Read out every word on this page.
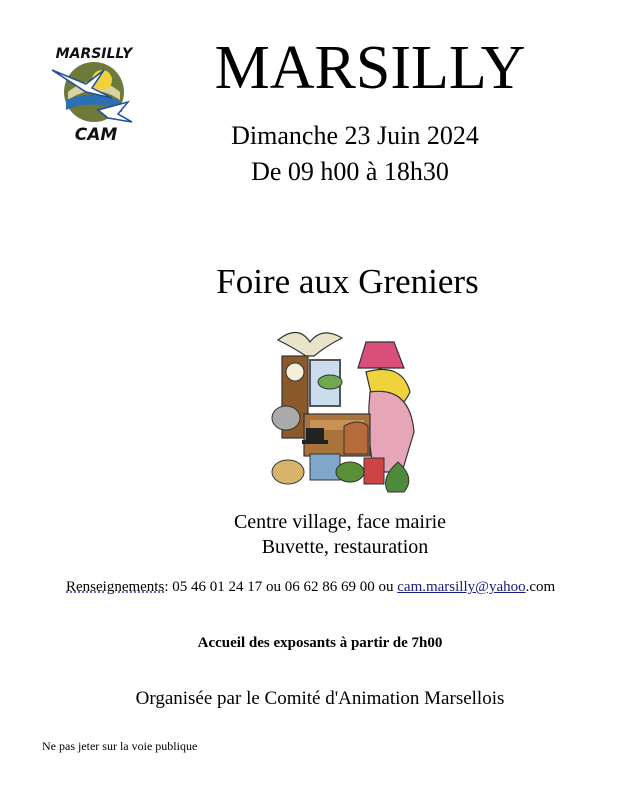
MARSILLY
CAM
MARSILLY
Dimanche 23 Juin 2024
De 09 h00 à 18h30
Foire aux Greniers
Centre village, face mairie
Buvette, restauration
Renseignements: 05 46 01 24 17 ou 06 62 86 69 00 ou cam.marsilly@yahoo.com
Accueil des exposants à partir de 7h00
Organisée par le Comité d'Animation Marsellois
Ne pas jeter sur la voie publique
